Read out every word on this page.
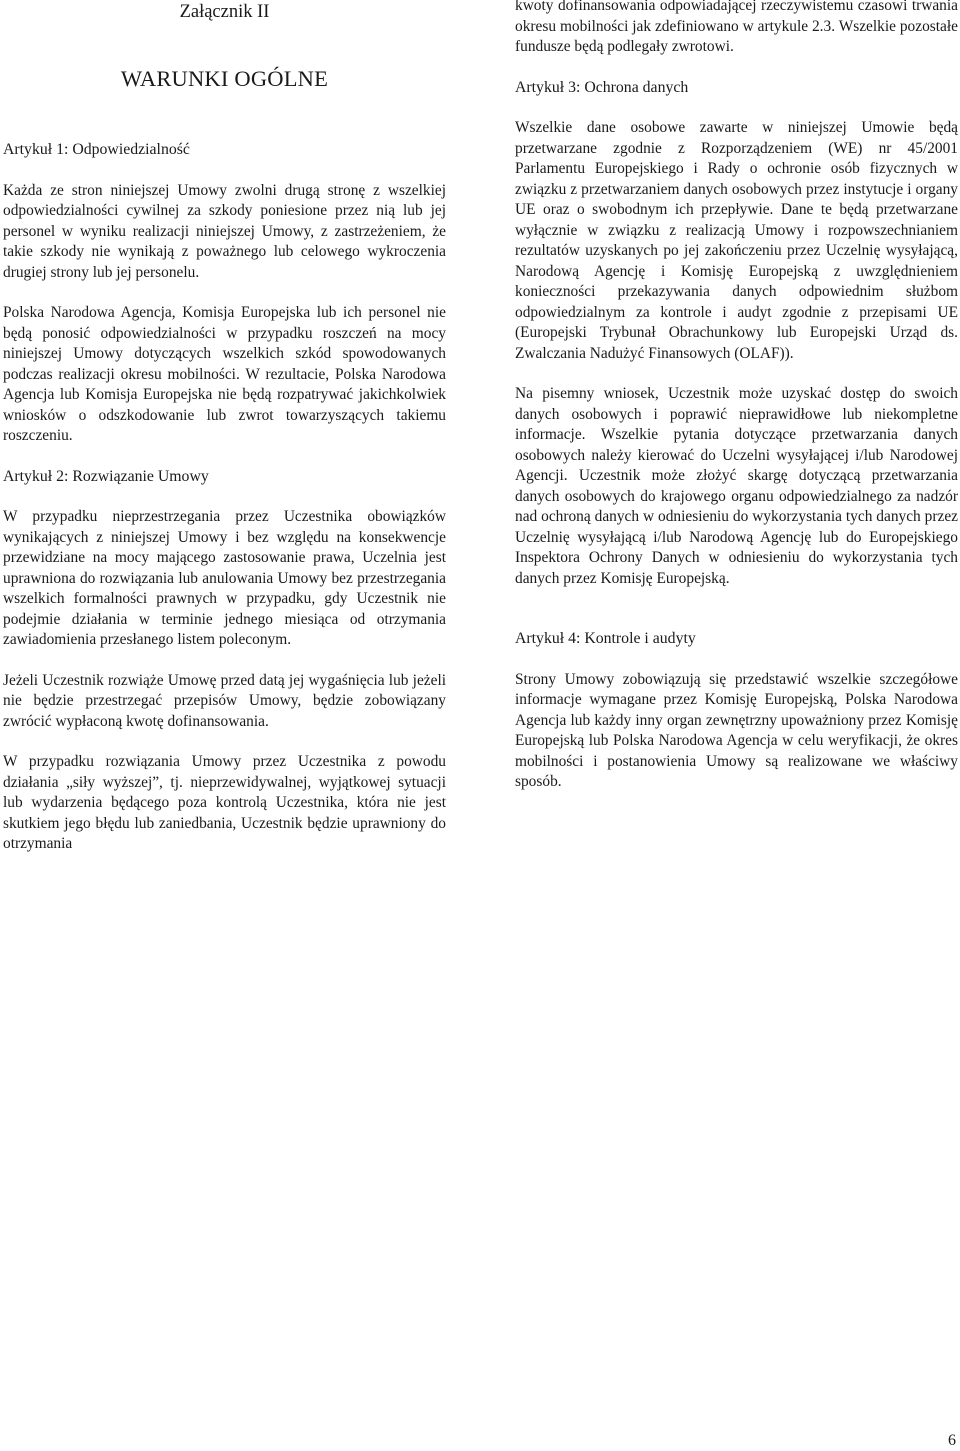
Załącznik II
WARUNKI OGÓLNE
Artykuł 1: Odpowiedzialność

Każda ze stron niniejszej Umowy zwolni drugą stronę z wszelkiej odpowiedzialności cywilnej za szkody poniesione przez nią lub jej personel w wyniku realizacji niniejszej Umowy, z zastrzeżeniem, że takie szkody nie wynikają z poważnego lub celowego wykroczenia drugiej strony lub jej personelu.

Polska Narodowa Agencja, Komisja Europejska lub ich personel nie będą ponosić odpowiedzialności w przypadku roszczeń na mocy niniejszej Umowy dotyczących wszelkich szkód spowodowanych podczas realizacji okresu mobilności. W rezultacie, Polska Narodowa Agencja lub Komisja Europejska nie będą rozpatrywać jakichkolwiek wniosków o odszkodowanie lub zwrot towarzyszących takiemu roszczeniu.

Artykuł 2: Rozwiązanie Umowy

W przypadku nieprzestrzegania przez Uczestnika obowiązków wynikających z niniejszej Umowy i bez względu na konsekwencje przewidziane na mocy mającego zastosowanie prawa, Uczelnia jest uprawniona do rozwiązania lub anulowania Umowy bez przestrzegania wszelkich formalności prawnych w przypadku, gdy Uczestnik nie podejmie działania w terminie jednego miesiąca od otrzymania zawiadomienia przesłanego listem poleconym.

Jeżeli Uczestnik rozwiąże Umowę przed datą jej wygaśnięcia lub jeżeli nie będzie przestrzegać przepisów Umowy, będzie zobowiązany zwrócić wypłaconą kwotę dofinansowania.

W przypadku rozwiązania Umowy przez Uczestnika z powodu działania „siły wyższej”, tj. nieprzewidywalnej, wyjątkowej sytuacji lub wydarzenia będącego poza kontrolą Uczestnika, która nie jest skutkiem jego błędu lub zaniedbania, Uczestnik będzie uprawniony do otrzymania

kwoty dofinansowania odpowiadającej rzeczywistemu czasowi trwania okresu mobilności jak zdefiniowano w artykule 2.3. Wszelkie pozostałe fundusze będą podlegały zwrotowi.

Artykuł 3: Ochrona danych

Wszelkie dane osobowe zawarte w niniejszej Umowie będą przetwarzane zgodnie z Rozporządzeniem (WE) nr 45/2001 Parlamentu Europejskiego i Rady o ochronie osób fizycznych w związku z przetwarzaniem danych osobowych przez instytucje i organy UE oraz o swobodnym ich przepływie. Dane te będą przetwarzane wyłącznie w związku z realizacją Umowy i rozpowszechnianiem rezultatów uzyskanych po jej zakończeniu przez Uczelnię wysyłającą, Narodową Agencję i Komisję Europejską z uwzględnieniem konieczności przekazywania danych odpowiednim służbom odpowiedzialnym za kontrole i audyt zgodnie z przepisami UE (Europejski Trybunał Obrachunkowy lub Europejski Urząd ds. Zwalczania Nadużyć Finansowych (OLAF)).

Na pisemny wniosek, Uczestnik może uzyskać dostęp do swoich danych osobowych i poprawić nieprawidłowe lub niekompletne informacje. Wszelkie pytania dotyczące przetwarzania danych osobowych należy kierować do Uczelni wysyłającej i/lub Narodowej Agencji. Uczestnik może złożyć skargę dotyczącą przetwarzania danych osobowych do krajowego organu odpowiedzialnego za nadzór nad ochroną danych w odniesieniu do wykorzystania tych danych przez Uczelnię wysyłającą i/lub Narodową Agencję lub do Europejskiego Inspektora Ochrony Danych w odniesieniu do wykorzystania tych danych przez Komisję Europejską.

Artykuł 4: Kontrole i audyty

Strony Umowy zobowiązują się przedstawić wszelkie szczegółowe informacje wymagane przez Komisję Europejską, Polska Narodowa Agencja lub każdy inny organ zewnętrzny upoważniony przez Komisję Europejską lub Polska Narodowa Agencja w celu weryfikacji, że okres mobilności i postanowienia Umowy są realizowane we właściwy sposób.

6
